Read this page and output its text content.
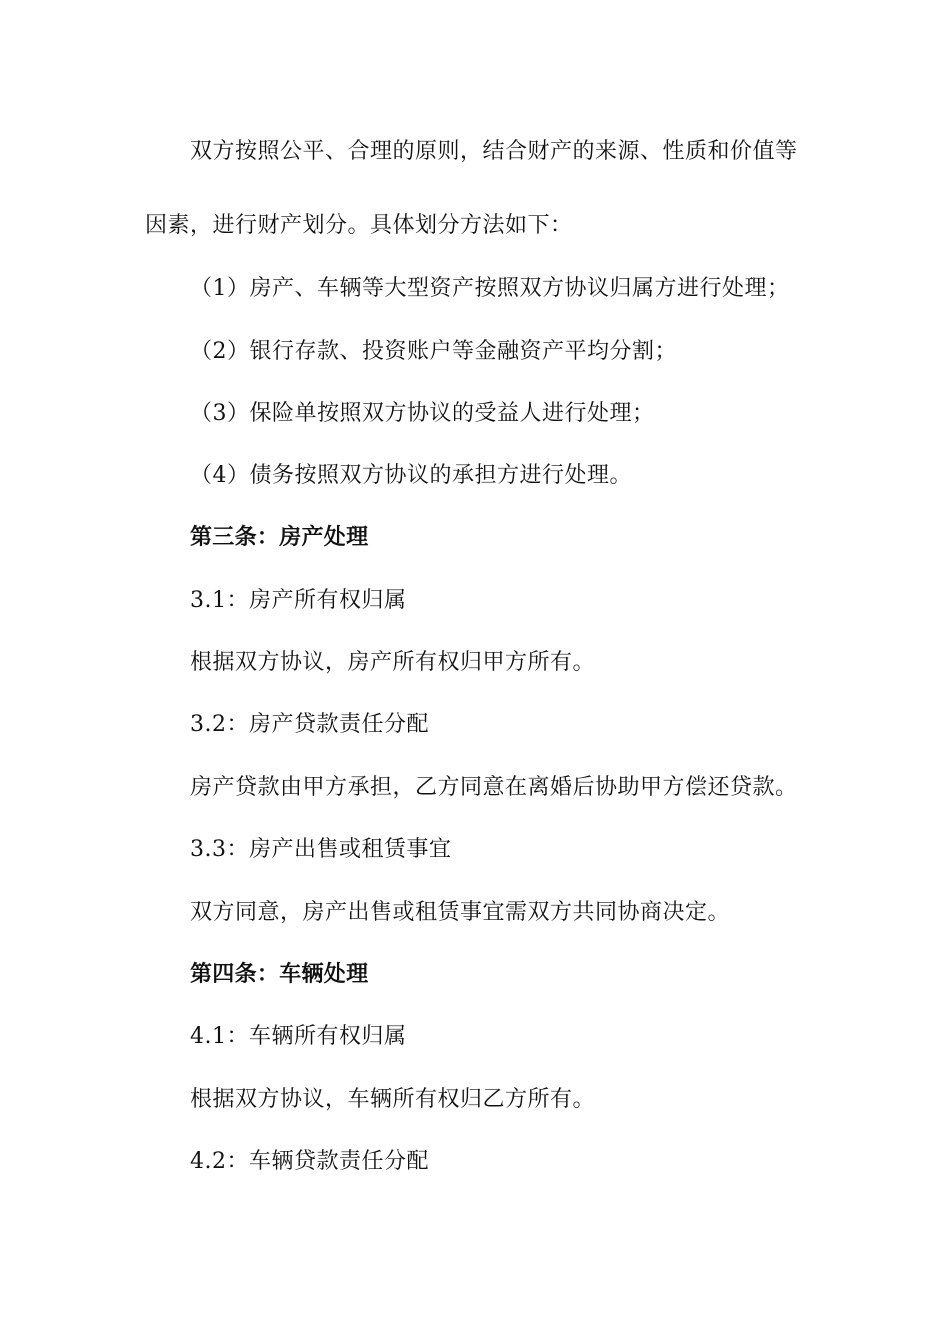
双方按照公平、合理的原则，结合财产的来源、性质和价值等

因素，进行财产划分。具体划分方法如下：

（1）房产、车辆等大型资产按照双方协议归属方进行处理；

（2）银行存款、投资账户等金融资产平均分割；

（3）保险单按照双方协议的受益人进行处理；

（4）债务按照双方协议的承担方进行处理。

第三条：房产处理

3.1：房产所有权归属

根据双方协议，房产所有权归甲方所有。

3.2：房产贷款责任分配

房产贷款由甲方承担，乙方同意在离婚后协助甲方偿还贷款。

3.3：房产出售或租赁事宜

双方同意，房产出售或租赁事宜需双方共同协商决定。

第四条：车辆处理

4.1：车辆所有权归属

根据双方协议，车辆所有权归乙方所有。

4.2：车辆贷款责任分配
